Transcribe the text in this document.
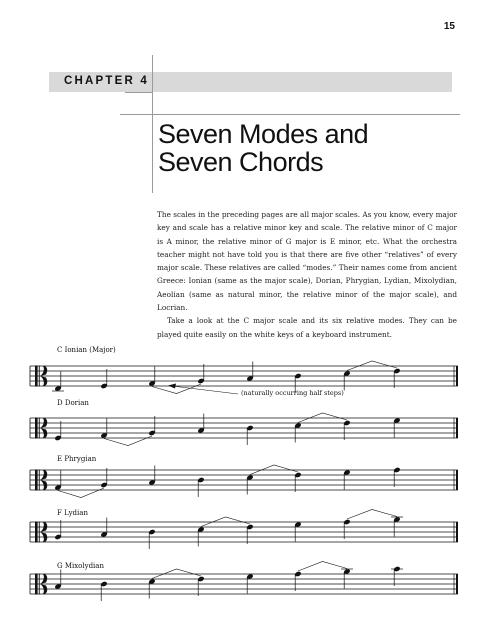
15
CHAPTER 4
Seven Modes and
Seven Chords

The scales in the preceding pages are all major scales. As you know, every major key and scale has a relative minor key and scale. The relative minor of C major is A minor, the relative minor of G major is E minor, etc. What the orchestra teacher might not have told you is that there are five other “relatives” of every major scale. These relatives are called “modes.” Their names come from ancient Greece: Ionian (same as the major scale), Dorian, Phrygian, Lydian, Mixolydian, Aeolian (same as natural minor, the relative minor of the major scale), and Locrian.

Take a look at the C major scale and its six relative modes. They can be played quite easily on the white keys of a keyboard instrument.

C Ionian (Major)
(naturally occurring half steps)
D Dorian
E Phrygian
F Lydian
G Mixolydian
